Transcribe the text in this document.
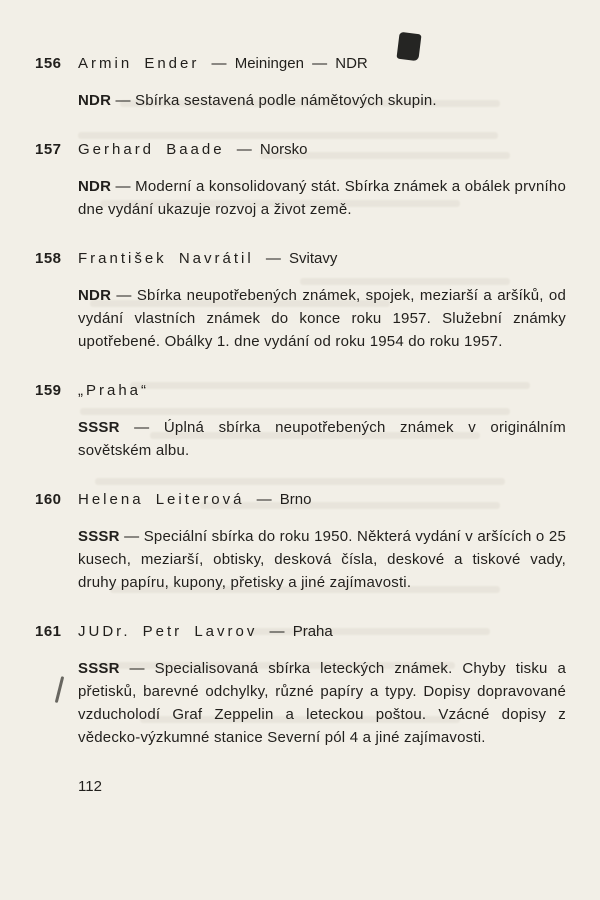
156	Armin Ender — Meiningen — NDR

NDR — Sbírka sestavená podle námětových skupin.

157	Gerhard Baade — Norsko

NDR — Moderní a konsolidovaný stát. Sbírka známek a obálek prvního dne vydání ukazuje rozvoj a život země.

158	František Navrátil — Svitavy

NDR — Sbírka neupotřebených známek, spojek, meziarší a aršíků, od vydání vlastních známek do konce roku 1957. Služební známky upotřebené. Obálky 1. dne vydání od roku 1954 do roku 1957.

159	„Praha“

SSSR — Úplná sbírka neupotřebených známek v originálním sovětském albu.

160	Helena Leiterová — Brno

SSSR — Speciální sbírka do roku 1950. Některá vydání v aršících o 25 kusech, meziarší, obtisky, desková čísla, deskové a tiskové vady, druhy papíru, kupony, přetisky a jiné zajímavosti.

161	JUDr. Petr Lavrov — Praha

SSSR — Specialisovaná sbírka leteckých známek. Chyby tisku a přetisků, barevné odchylky, různé papíry a typy. Dopisy dopravované vzducholodí Graf Zeppelin a leteckou poštou. Vzácné dopisy z vědecko-výzkumné stanice Severní pól 4 a jiné zajímavosti.

112
